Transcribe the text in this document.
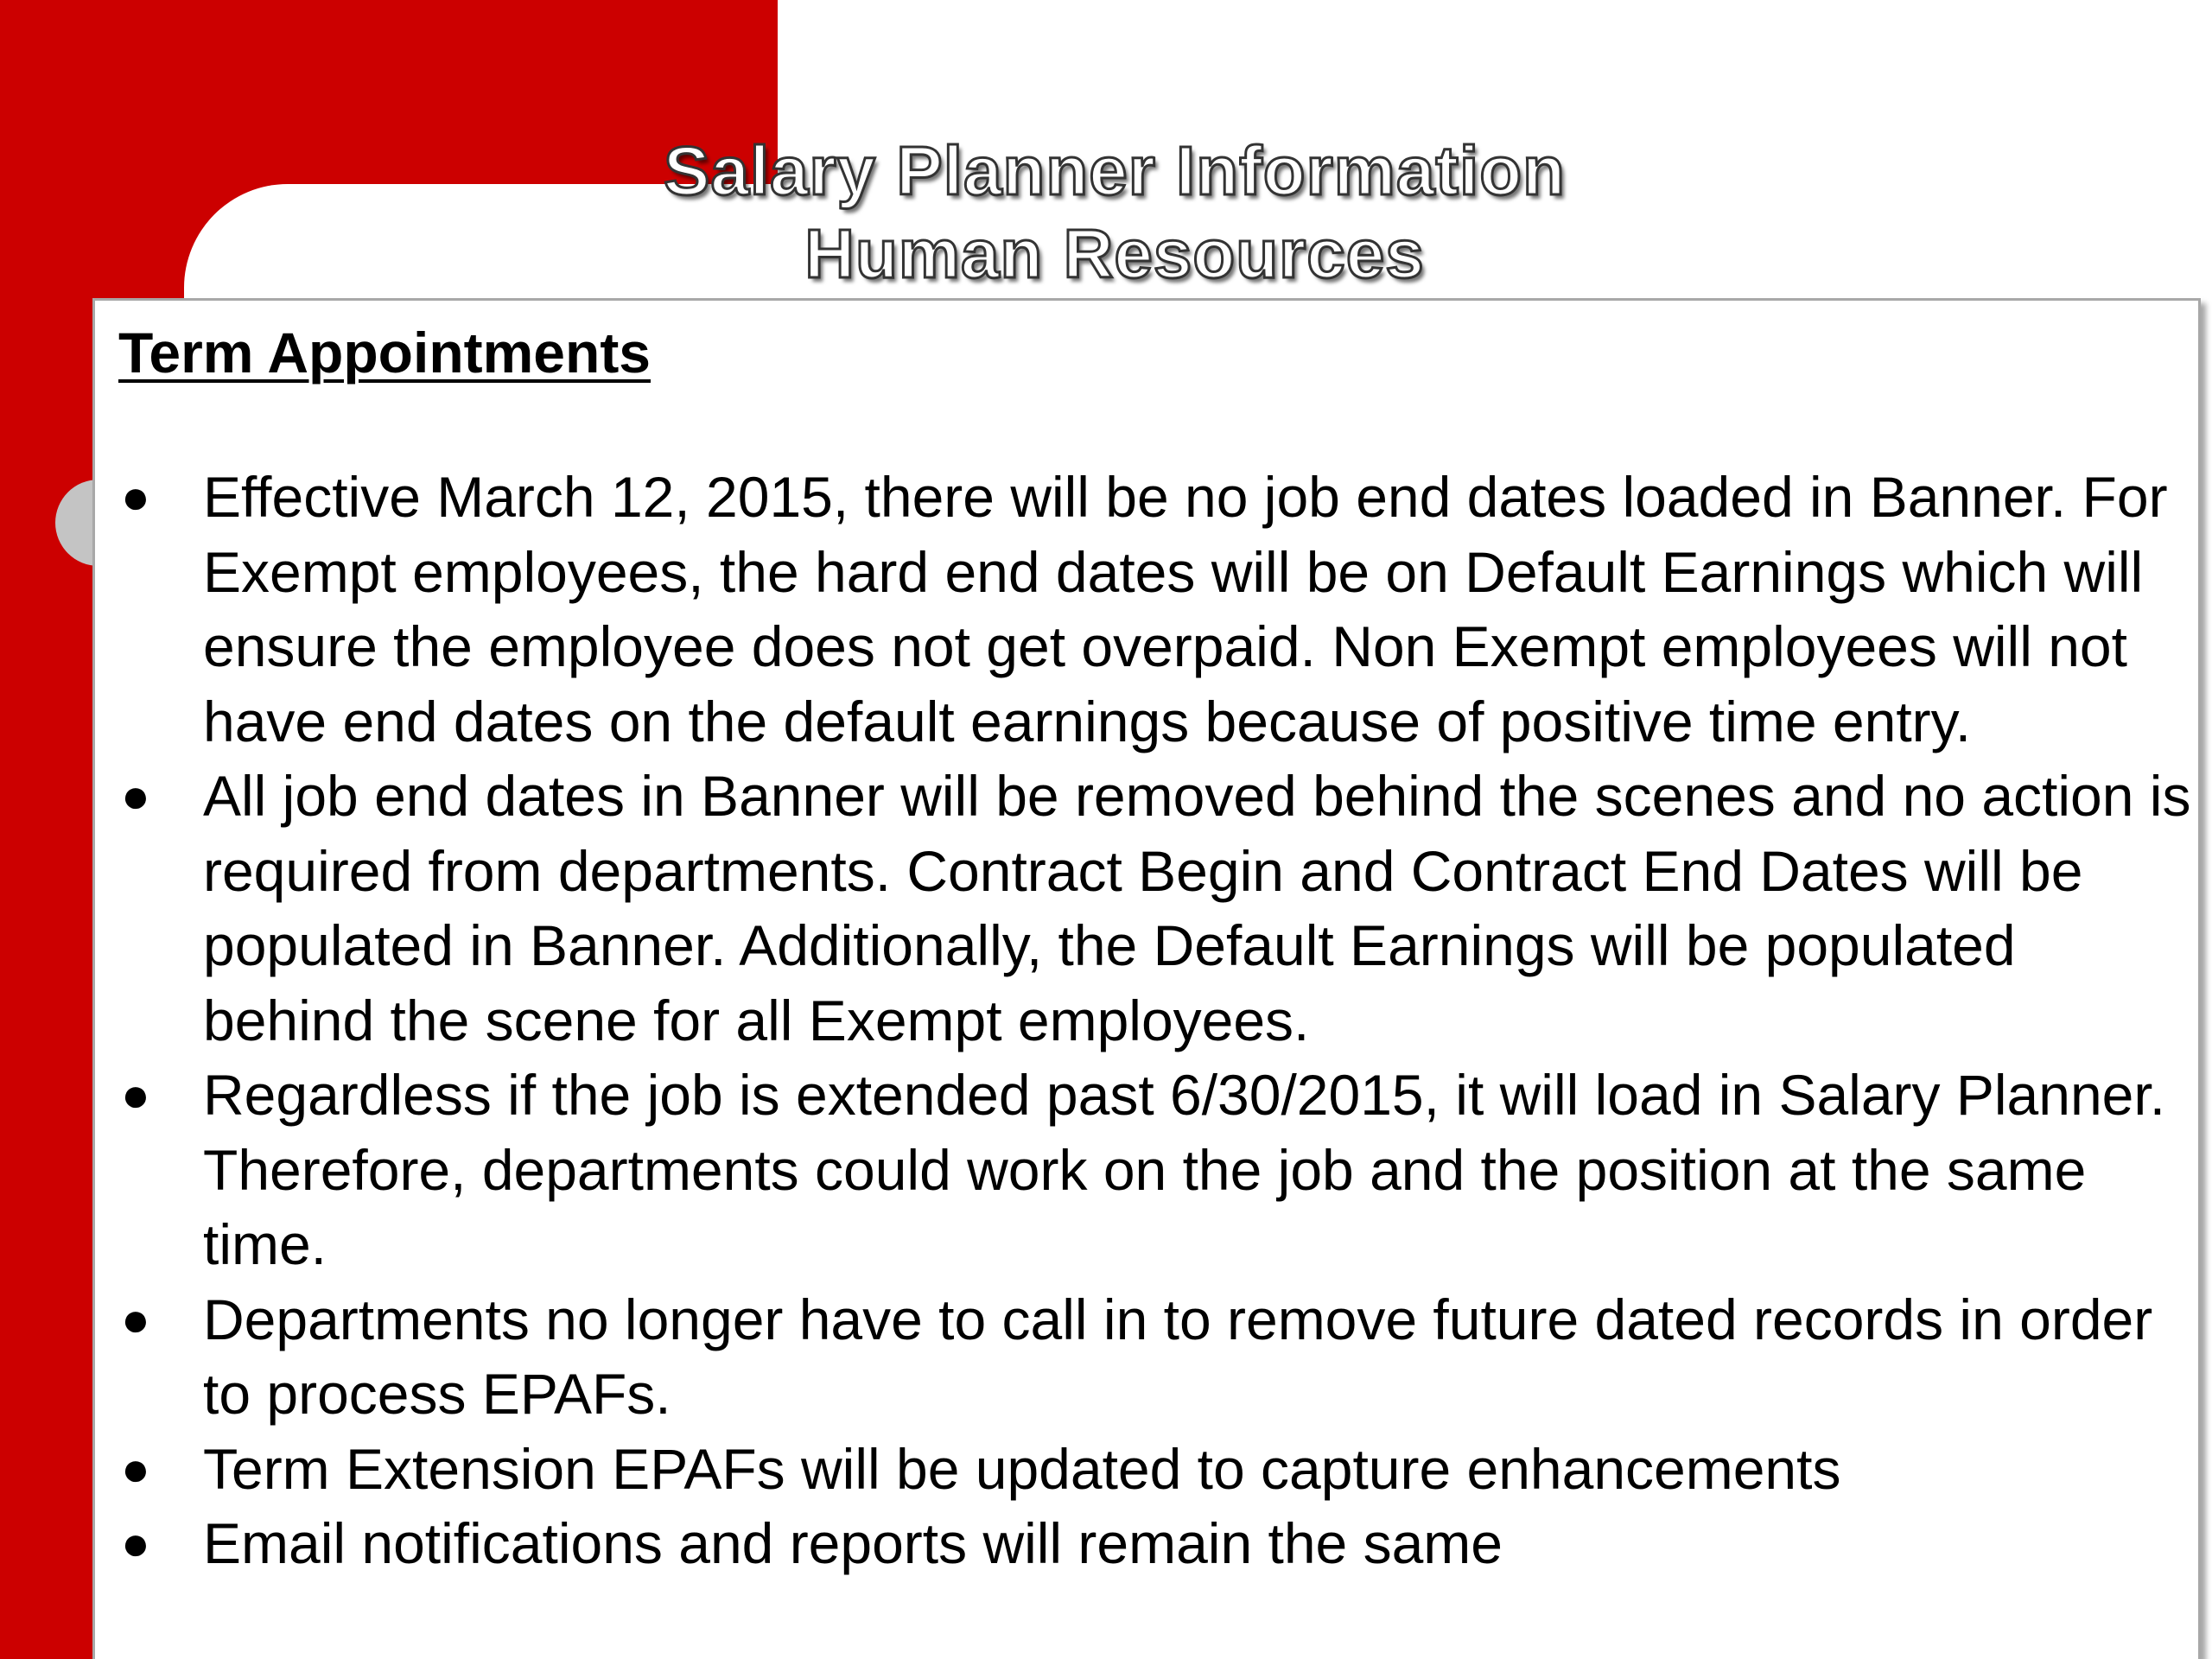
Salary Planner Information
Human Resources
Term Appointments
● Effective March 12, 2015, there will be no job end dates loaded in Banner. For Exempt employees, the hard end dates will be on Default Earnings which will ensure the employee does not get overpaid. Non Exempt employees will not have end dates on the default earnings because of positive time entry.
● All job end dates in Banner will be removed behind the scenes and no action is required from departments. Contract Begin and Contract End Dates will be populated in Banner. Additionally, the Default Earnings will be populated behind the scene for all Exempt employees.
● Regardless if the job is extended past 6/30/2015, it will load in Salary Planner. Therefore, departments could work on the job and the position at the same time.
● Departments no longer have to call in to remove future dated records in order to process EPAFs.
● Term Extension EPAFs will be updated to capture enhancements
● Email notifications and reports will remain the same
